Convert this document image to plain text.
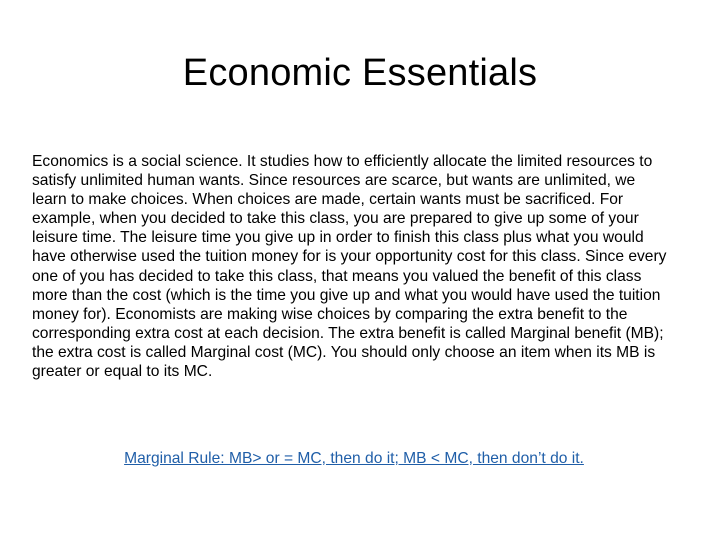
Economic Essentials

Economics is a social science. It studies how to efficiently allocate the limited resources to satisfy unlimited human wants. Since resources are scarce, but wants are unlimited, we learn to make choices. When choices are made, certain wants must be sacrificed. For example, when you decided to take this class, you are prepared to give up some of your leisure time. The leisure time you give up in order to finish this class plus what you would have otherwise used the tuition money for is your opportunity cost for this class. Since every one of you has decided to take this class, that means you valued the benefit of this class more than the cost (which is the time you give up and what you would have used the tuition money for). Economists are making wise choices by comparing the extra benefit to the corresponding extra cost at each decision. The extra benefit is called Marginal benefit (MB); the extra cost is called Marginal cost (MC). You should only choose an item when its MB is greater or equal to its MC.

Marginal Rule: MB> or = MC, then do it; MB < MC, then don’t do it.
